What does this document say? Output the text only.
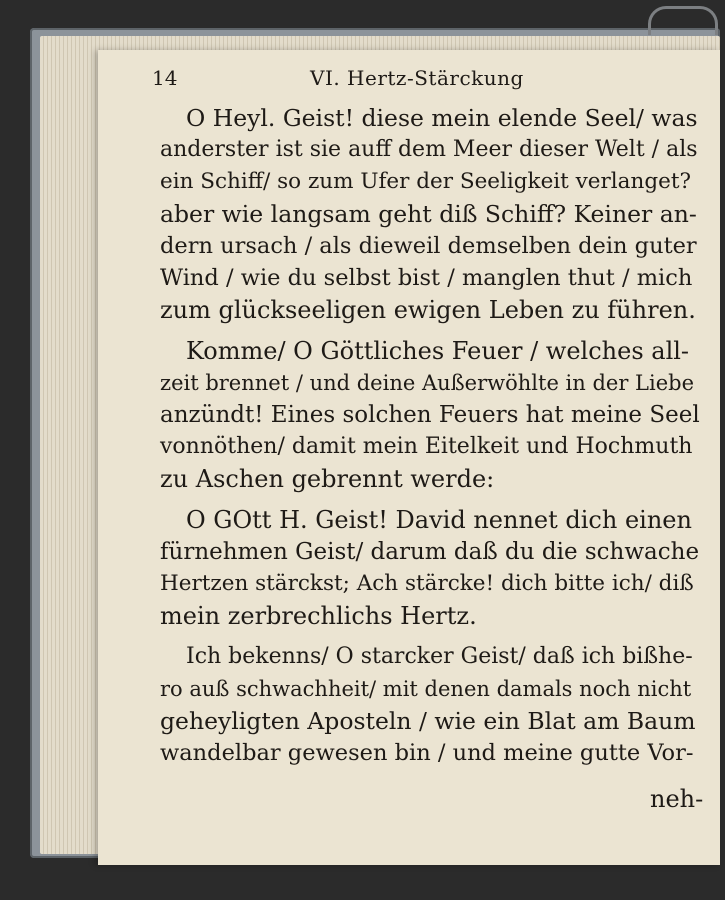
14	VI. Hertz-Stärckung
O Heyl. Geist! diese mein elende Seel/ was
anderster ist sie auff dem Meer dieser Welt / als
ein Schiff/ so zum Ufer der Seeligkeit verlanget?
aber wie langsam geht diß Schiff? Keiner an-
dern ursach / als dieweil demselben dein guter
Wind / wie du selbst bist / manglen thut / mich
zum glückseeligen ewigen Leben zu führen.
Komme/ O Göttliches Feuer / welches all-
zeit brennet / und deine Außerwöhlte in der Liebe
anzündt! Eines solchen Feuers hat meine Seel
vonnöthen/ damit mein Eitelkeit und Hochmuth
zu Aschen gebrennt werde:
O GOtt H. Geist! David nennet dich einen
fürnehmen Geist/ darum daß du die schwache
Hertzen stärckst; Ach stärcke! dich bitte ich/ diß
mein zerbrechlichs Hertz.
Ich bekenns/ O starcker Geist/ daß ich bißhe-
ro auß schwachheit/ mit denen damals noch nicht
geheyligten Aposteln / wie ein Blat am Baum
wandelbar gewesen bin / und meine gutte Vor-
neh-
